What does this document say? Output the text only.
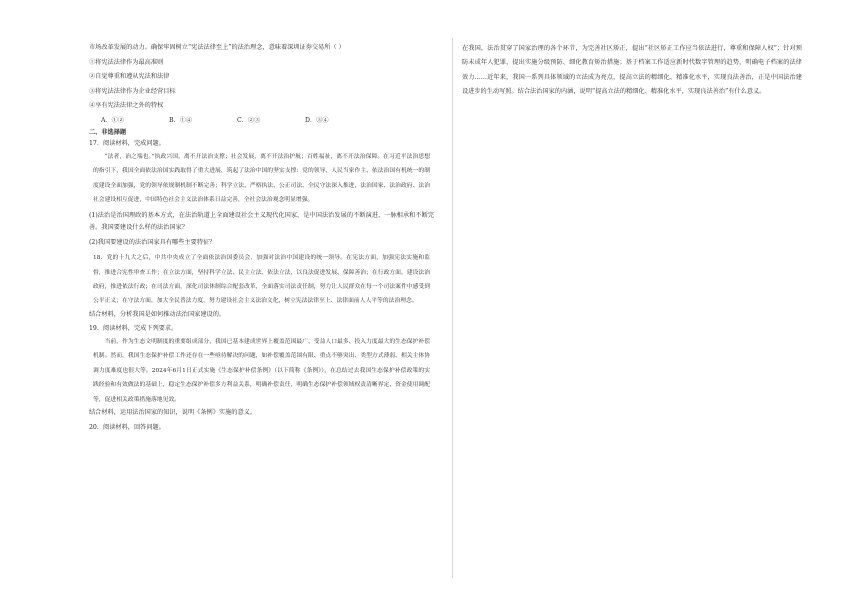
市场改革发展的动力。确保牢固树立“宪法法律至上”的法治理念，意味着深圳证券交易所（ ）
①将宪法法律作为最高准则
②自觉尊重和遵从宪法和法律
③将宪法法律作为企业经营目标
④享有宪法法律之外的特权
A．①②	B．①④	C．②③	D．③④
二、非选择题
17．阅读材料，完成问题。
“法者，治之端也。”执政兴国，离不开法治支撑；社会发展，离不开法治护航；百姓福祉，离不开法治保障。在习近平法治思想的指引下，我国全面依法治国实践取得了重大进展，筑起了法治中国的坚实支撑：党的领导、人民当家作主、依法治国有机统一的制度建设全面加强，党的领导依规制机制不断完善；科学立法、严格执法、公正司法、全民守法深入推进，法治国家、法治政府、法治社会建设相互促进，中国特色社会主义法治体系日益完善，全社会法治观念明显增强。
(1)法治是治国理政的基本方式，在法治轨道上全面建设社会主义现代化国家，是中国法治发展的不断演进、一脉相承和不断完善。我国要建设什么样的法治国家？
(2)我国要建设的法治国家具有哪些主要特征？
18．党的十九大之后，中共中央成立了全面依法治国委员会，加强对法治中国建设的统一领导。在宪法方面，加强宪法实施和监督，推进合宪性审查工作；在立法方面，坚持科学立法、民主立法、依法立法，以良法促进发展、保障善治；在行政方面，建设法治政府，推进依法行政；在司法方面，深化司法体制综合配套改革，全面落实司法责任制，努力让人民群众在每一个司法案件中感受到公平正义；在守法方面，加大全民普法力度，努力建设社会主义法治文化，树立宪法法律至上、法律面前人人平等的法治理念。
结合材料，分析我国是如何推动法治国家建设的。
19．阅读材料，完成下列要求。
当前，作为生态文明制度的重要组成部分，我国已基本建成世界上覆盖范围最广、受益人口最多、投入力度最大的生态保护补偿机制。然而，我国生态保护补偿工作还存在一些亟待解决的问题，如补偿覆盖范围有限、重点不够突出、类型方式薄弱、相关主体协调力度难度也很大等。2024年6月1日正式实施《生态保护补偿条例》（以下简称《条例》），在总结过去我国生态保护补偿政策的实践经验和有效做法的基础上，稳定生态保护补偿多方利益关系，明确补偿责任，明确生态保护补偿领域权责清晰界定、资金使用调配等，促进相关政策措施落地见效。
结合材料，运用法治国家的知识，说明《条例》实施的意义。
20．阅读材料，回答问题。
在我国，法治贯穿了国家治理的各个环节，为完善社区矫正，提出“社区矫正工作应当依法进行，尊重和保障人权”；针对预防未成年人犯罪，提出实施分级预防、细化教育矫治措施；基于档案工作适应新时代数字管理的趋势，明确电子档案的法律效力……近年来，我国一系列具体领域的立法成为亮点，提高立法的精细化、精准化水平，实现良法善治，正是中国法治建设进步的生动写照。结合法治国家的内涵，说明“提高立法的精细化、精准化水平，实现良法善治”有什么意义。
